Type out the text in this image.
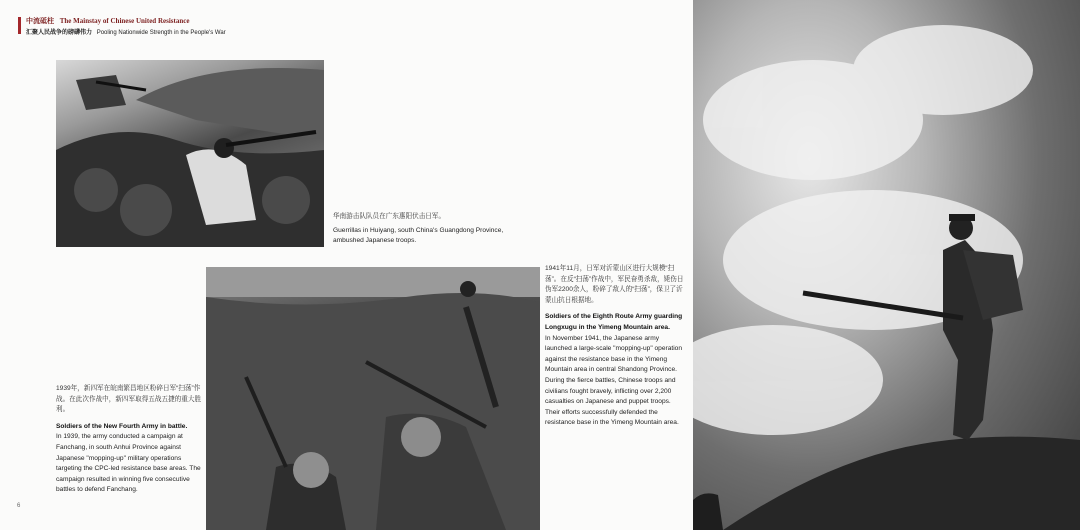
中流砥柱 The Mainstay of Chinese United Resistance
汇聚人民战争的磅礴伟力 Pooling Nationwide Strength in the People's War
华南游击队队员在广东惠阳伏击日军。
Guerrillas in Huiyang, south China's Guangdong Province, ambushed Japanese troops.
1939年，新四军在皖南繁昌地区粉碎日军“扫荡”作战。在此次作战中，新四军取得五战五捷的重大胜利。
Soldiers of the New Fourth Army in battle.
In 1939, the army conducted a campaign at Fanchang, in south Anhui Province against Japanese "mopping-up" military operations targeting the CPC-led resistance base areas. The campaign resulted in winning five consecutive battles to defend Fanchang.
1941年11月，日军对沂蒙山区进行大规模“扫荡”。在反“扫荡”作战中，军民奋勇杀敌，毙伤日伪军2200余人，粉碎了敌人的“扫荡”，保卫了沂蒙山抗日根据地。
Soldiers of the Eighth Route Army guarding Longxugu in the Yimeng Mountain area.
In November 1941, the Japanese army launched a large-scale "mopping-up" operation against the resistance base in the Yimeng Mountain area in central Shandong Province. During the fierce battles, Chinese troops and civilians fought bravely, inflicting over 2,200 casualties on Japanese and puppet troops. Their efforts successfully defended the resistance base in the Yimeng Mountain area.
6
